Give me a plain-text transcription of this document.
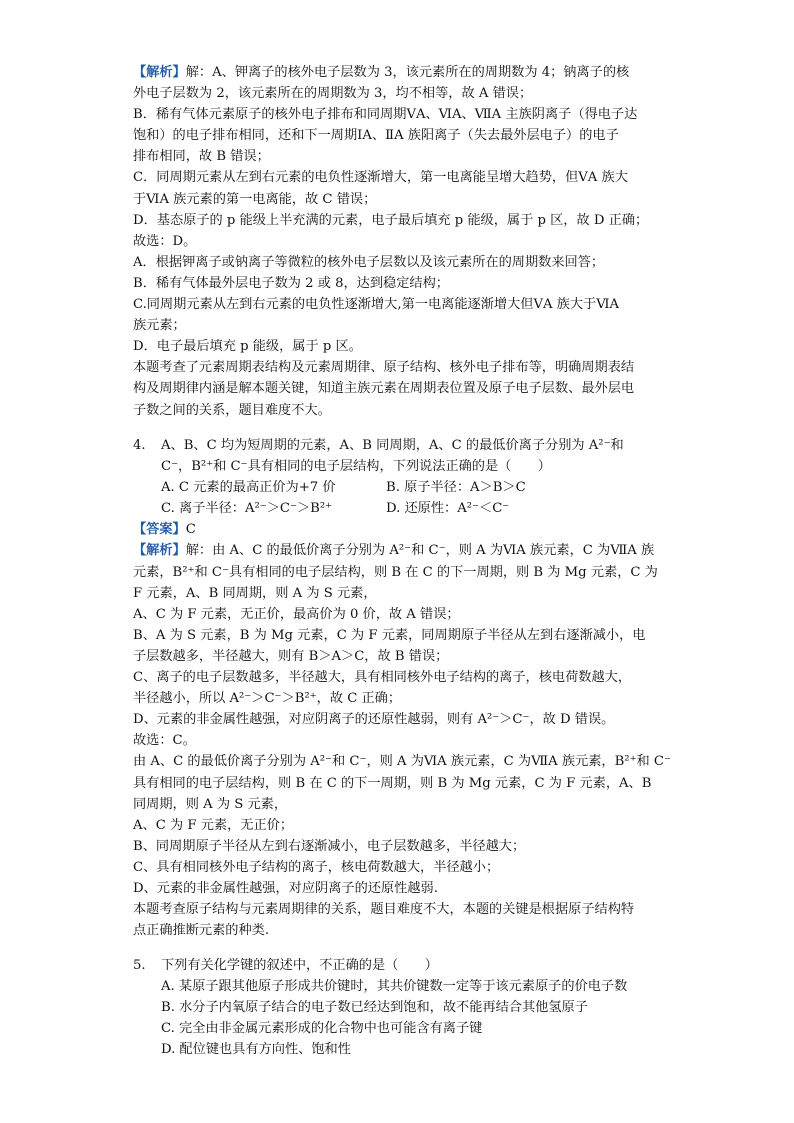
【解析】解：A、钾离子的核外电子层数为 3，该元素所在的周期数为 4；钠离子的核
外电子层数为 2，该元素所在的周期数为 3，均不相等，故 A 错误；
B．稀有气体元素原子的核外电子排布和同周期ⅤA、ⅥA、ⅦA 主族阴离子（得电子达
饱和）的电子排布相同，还和下一周期ⅠA、ⅡA 族阳离子（失去最外层电子）的电子
排布相同，故 B 错误；
C．同周期元素从左到右元素的电负性逐渐增大，第一电离能呈增大趋势，但ⅤA 族大
于ⅥA 族元素的第一电离能，故 C 错误；
D．基态原子的 p 能级上半充满的元素，电子最后填充 p 能级，属于 p 区，故 D 正确；
故选：D。
A．根据钾离子或钠离子等微粒的核外电子层数以及该元素所在的周期数来回答；
B．稀有气体最外层电子数为 2 或 8，达到稳定结构；
C.同周期元素从左到右元素的电负性逐渐增大,第一电离能逐渐增大但ⅤA 族大于ⅥA
族元素；
D．电子最后填充 p 能级，属于 p 区。
本题考查了元素周期表结构及元素周期律、原子结构、核外电子排布等，明确周期表结
构及周期律内涵是解本题关键，知道主族元素在周期表位置及原子电子层数、最外层电
子数之间的关系，题目难度不大。
4.	A、B、C 均为短周期的元素，A、B 同周期，A、C 的最低价离子分别为 A²⁻和
C⁻，B²⁺和 C⁻具有相同的电子层结构，下列说法正确的是（　　）
A. C 元素的最高正价为+7 价	B. 原子半径：A＞B＞C
C. 离子半径：A²⁻＞C⁻＞B²⁺	D. 还原性：A²⁻＜C⁻
【答案】C
【解析】解：由 A、C 的最低价离子分别为 A²⁻和 C⁻，则 A 为ⅥA 族元素，C 为ⅦA 族
元素，B²⁺和 C⁻具有相同的电子层结构，则 B 在 C 的下一周期，则 B 为 Mg 元素，C 为
F 元素，A、B 同周期，则 A 为 S 元素，
A、C 为 F 元素，无正价，最高价为 0 价，故 A 错误；
B、A 为 S 元素，B 为 Mg 元素，C 为 F 元素，同周期原子半径从左到右逐渐减小，电
子层数越多，半径越大，则有 B＞A＞C，故 B 错误；
C、离子的电子层数越多，半径越大，具有相同核外电子结构的离子，核电荷数越大，
半径越小，所以 A²⁻＞C⁻＞B²⁺，故 C 正确；
D、元素的非金属性越强，对应阴离子的还原性越弱，则有 A²⁻＞C⁻，故 D 错误。
故选：C。
由 A、C 的最低价离子分别为 A²⁻和 C⁻，则 A 为ⅥA 族元素，C 为ⅦA 族元素，B²⁺和 C⁻
具有相同的电子层结构，则 B 在 C 的下一周期，则 B 为 Mg 元素，C 为 F 元素，A、B
同周期，则 A 为 S 元素，
A、C 为 F 元素，无正价；
B、同周期原子半径从左到右逐渐减小，电子层数越多，半径越大；
C、具有相同核外电子结构的离子，核电荷数越大，半径越小；
D、元素的非金属性越强，对应阴离子的还原性越弱.
本题考查原子结构与元素周期律的关系，题目难度不大，本题的关键是根据原子结构特
点正确推断元素的种类.
5.	下列有关化学键的叙述中，不正确的是（　　）
A. 某原子跟其他原子形成共价键时，其共价键数一定等于该元素原子的价电子数
B. 水分子内氧原子结合的电子数已经达到饱和，故不能再结合其他氢原子
C. 完全由非金属元素形成的化合物中也可能含有离子键
D. 配位键也具有方向性、饱和性
